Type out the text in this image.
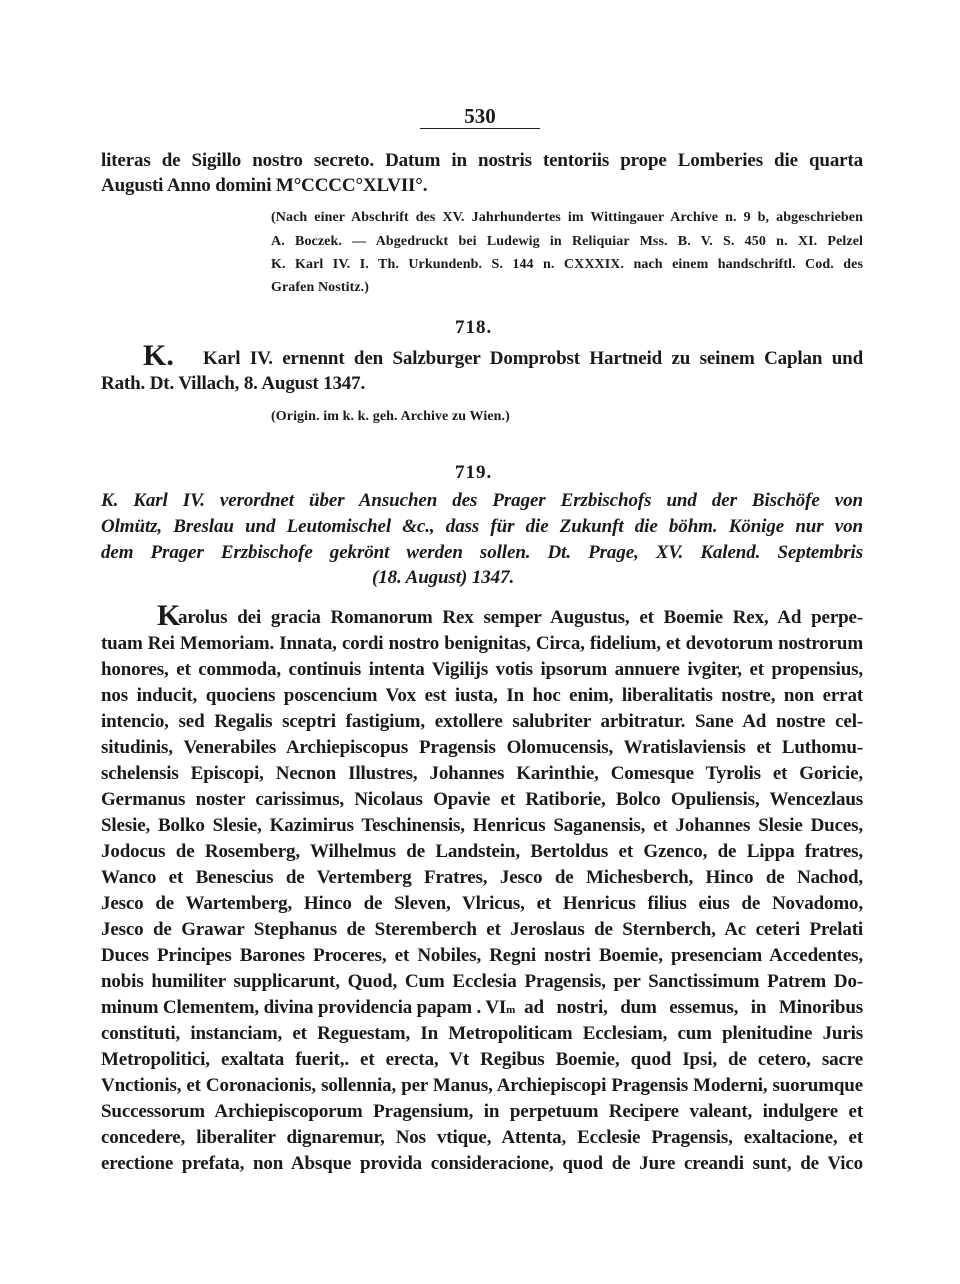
530
literas de Sigillo nostro secreto. Datum in nostris tentoriis prope Lomberies die quarta
Augusti Anno domini M°CCCC°XLVII°.
(Nach einer Abschrift des XV. Jahrhundertes im Wittingauer Archive n. 9 b, abgeschrieben
A. Boczek. — Abgedruckt bei Ludewig in Reliquiar Mss. B. V. S. 450 n. XI. Pelzel
K. Karl IV. I. Th. Urkundenb. S. 144 n. CXXXIX. nach einem handschriftl. Cod. des
Grafen Nostitz.)
718.
K. Karl IV. ernennt den Salzburger Domprobst Hartneid zu seinem Caplan und
Rath. Dt. Villach, 8. August 1347.
(Origin. im k. k. geh. Archive zu Wien.)
719.
K. Karl IV. verordnet über Ansuchen des Prager Erzbischofs und der Bischöfe von
Olmütz, Breslau und Leutomischel &c., dass für die Zukunft die böhm. Könige nur von
dem Prager Erzbischofe gekrönt werden sollen. Dt. Prage, XV. Kalend. Septembris
(18. August) 1347.
K
arolus dei gracia Romanorum Rex semper Augustus, et Boemie Rex, Ad perpe-
tuam Rei Memoriam. Innata, cordi nostro benignitas, Circa, fidelium, et devotorum nostrorum
honores, et commoda, continuis intenta Vigilijs votis ipsorum annuere ivgiter, et propensius,
nos inducit, quociens poscencium Vox est iusta, In hoc enim, liberalitatis nostre, non errat
intencio, sed Regalis sceptri fastigium, extollere salubriter arbitratur. Sane Ad nostre cel-
situdinis, Venerabiles Archiepiscopus Pragensis Olomucensis, Wratislaviensis et Luthomu-
schelensis Episcopi, Necnon Illustres, Johannes Karinthie, Comesque Tyrolis et Goricie,
Germanus noster carissimus, Nicolaus Opavie et Ratiborie, Bolco Opuliensis, Wencezlaus
Slesie, Bolko Slesie, Kazimirus Teschinensis, Henricus Saganensis, et Johannes Slesie Duces,
Jodocus de Rosemberg, Wilhelmus de Landstein, Bertoldus et Gzenco, de Lippa fratres,
Wanco et Benescius de Vertemberg Fratres, Jesco de Michesberch, Hinco de Nachod,
Jesco de Wartemberg, Hinco de Sleven, Vlricus, et Henricus filius eius de Novadomo,
Jesco de Grawar Stephanus de Steremberch et Jeroslaus de Sternberch, Ac ceteri Prelati
Duces Principes Barones Proceres, et Nobiles, Regni nostri Boemie, presenciam Accedentes,
nobis humiliter supplicarunt, Quod, Cum Ecclesia Pragensis, per Sanctissimum Patrem Do-
minum Clementem, divina providencia papam . VI m ad nostri, dum essemus, in Minoribus
constituti, instanciam, et Reguestam, In Metropoliticam Ecclesiam, cum plenitudine Juris
Metropolitici, exaltata fuerit,. et erecta, Vt Regibus Boemie, quod Ipsi, de cetero, sacre
Vnctionis, et Coronacionis, sollennia, per Manus, Archiepiscopi Pragensis Moderni, suorumque
Successorum Archiepiscoporum Pragensium, in perpetuum Recipere valeant, indulgere et
concedere, liberaliter dignaremur, Nos vtique, Attenta, Ecclesie Pragensis, exaltacione, et
erectione prefata, non Absque provida consideracione, quod de Jure creandi sunt, de Vico
